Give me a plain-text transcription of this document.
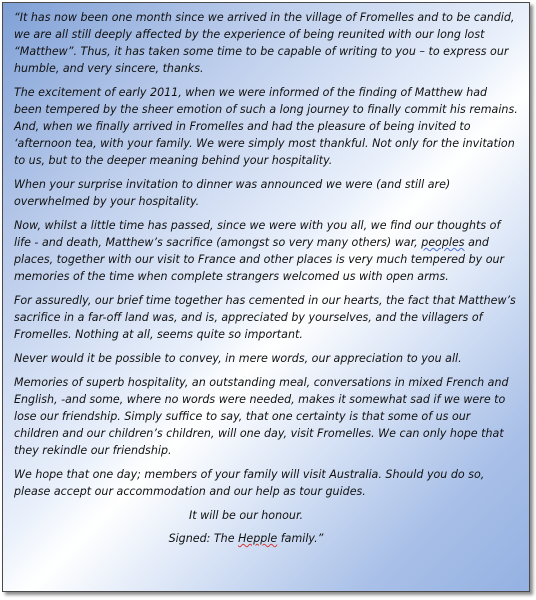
“It has now been one month since we arrived in the village of Fromelles and to be candid, we are all still deeply affected by the experience of being reunited with our long lost “Matthew”. Thus, it has taken some time to be capable of writing to you – to express our humble, and very sincere, thanks.

The excitement of early 2011, when we were informed of the finding of Matthew had been tempered by the sheer emotion of such a long journey to finally commit his remains. And, when we finally arrived in Fromelles and had the pleasure of being invited to ‘afternoon tea, with your family. We were simply most thankful. Not only for the invitation to us, but to the deeper meaning behind your hospitality.

When your surprise invitation to dinner was announced we were (and still are) overwhelmed by your hospitality.

Now, whilst a little time has passed, since we were with you all, we find our thoughts of life - and death, Matthew’s sacrifice (amongst so very many others) war, peoples and places, together with our visit to France and other places is very much tempered by our memories of the time when complete strangers welcomed us with open arms.

For assuredly, our brief time together has cemented in our hearts, the fact that Matthew’s sacrifice in a far-off land was, and is, appreciated by yourselves, and the villagers of Fromelles. Nothing at all, seems quite so important.

Never would it be possible to convey, in mere words, our appreciation to you all.

Memories of superb hospitality, an outstanding meal, conversations in mixed French and English, -and some, where no words were needed, makes it somewhat sad if we were to lose our friendship. Simply suffice to say, that one certainty is that some of us our children and our children’s children, will one day, visit Fromelles. We can only hope that they rekindle our friendship.

We hope that one day; members of your family will visit Australia. Should you do so, please accept our accommodation and our help as tour guides.

It will be our honour.

Signed: The Hepple family.”
